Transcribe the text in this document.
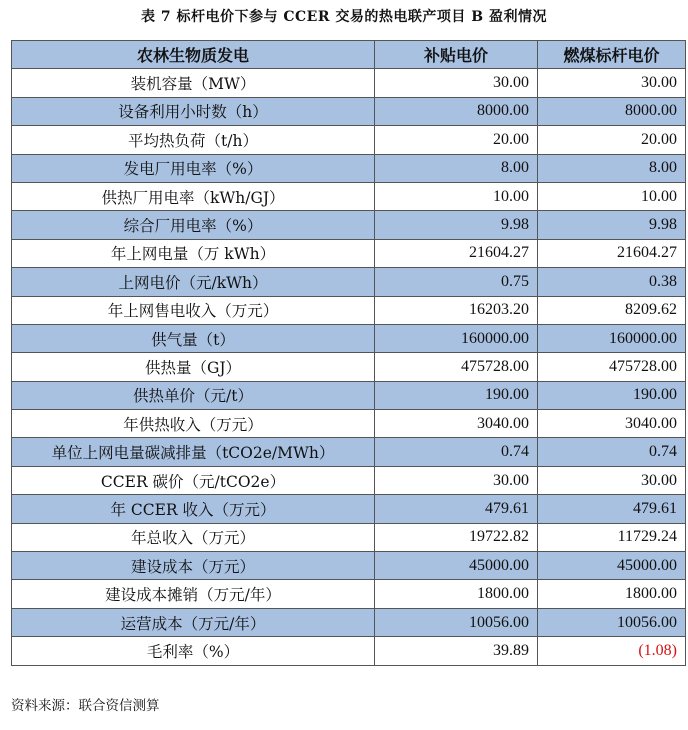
表 7 标杆电价下参与 CCER 交易的热电联产项目 B 盈利情况
农林生物质发电	补贴电价	燃煤标杆电价
装机容量（MW）	30.00	30.00
设备利用小时数（h）	8000.00	8000.00
平均热负荷（t/h）	20.00	20.00
发电厂用电率（%）	8.00	8.00
供热厂用电率（kWh/GJ）	10.00	10.00
综合厂用电率（%）	9.98	9.98
年上网电量（万 kWh）	21604.27	21604.27
上网电价（元/kWh）	0.75	0.38
年上网售电收入（万元）	16203.20	8209.62
供气量（t）	160000.00	160000.00
供热量（GJ）	475728.00	475728.00
供热单价（元/t）	190.00	190.00
年供热收入（万元）	3040.00	3040.00
单位上网电量碳减排量（tCO2e/MWh）	0.74	0.74
CCER 碳价（元/tCO2e）	30.00	30.00
年 CCER 收入（万元）	479.61	479.61
年总收入（万元）	19722.82	11729.24
建设成本（万元）	45000.00	45000.00
建设成本摊销（万元/年）	1800.00	1800.00
运营成本（万元/年）	10056.00	10056.00
毛利率（%）	39.89	(1.08)
资料来源：联合资信测算
